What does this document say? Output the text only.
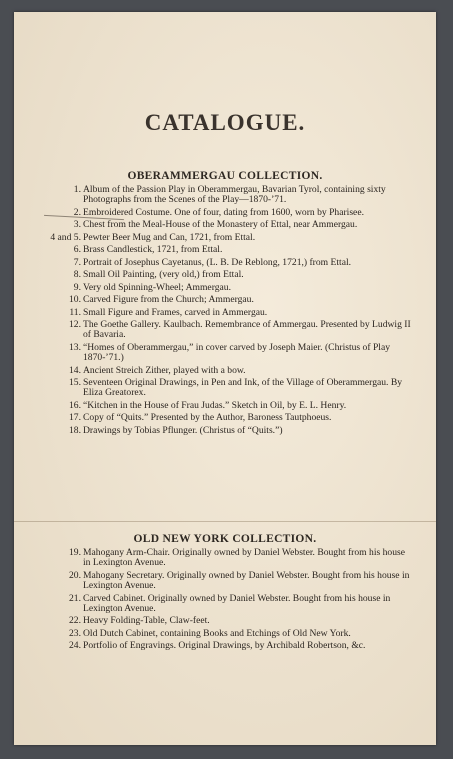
CATALOGUE.
OBERAMMERGAU COLLECTION.
1. Album of the Passion Play in Oberammergau, Bavarian Tyrol, containing sixty Photographs from the Scenes of the Play—1870-’71.
2. Embroidered Costume. One of four, dating from 1600, worn by Pharisee.
3. Chest from the Meal-House of the Monastery of Ettal, near Ammergau.
4 and 5. Pewter Beer Mug and Can, 1721, from Ettal.
6. Brass Candlestick, 1721, from Ettal.
7. Portrait of Josephus Cayetanus, (L. B. De Reblong, 1721,) from Ettal.
8. Small Oil Painting, (very old,) from Ettal.
9. Very old Spinning-Wheel; Ammergau.
10. Carved Figure from the Church; Ammergau.
11. Small Figure and Frames, carved in Ammergau.
12. The Goethe Gallery. Kaulbach. Remembrance of Ammergau. Presented by Ludwig II of Bavaria.
13. “Homes of Oberammergau,” in cover carved by Joseph Maier. (Christus of Play 1870-’71.)
14. Ancient Streich Zither, played with a bow.
15. Seventeen Original Drawings, in Pen and Ink, of the Village of Oberammergau. By Eliza Greatorex.
16. “Kitchen in the House of Frau Judas.” Sketch in Oil, by E. L. Henry.
17. Copy of “Quits.” Presented by the Author, Baroness Tautphoeus.
18. Drawings by Tobias Pflunger. (Christus of “Quits.”)
OLD NEW YORK COLLECTION.
19. Mahogany Arm-Chair. Originally owned by Daniel Webster. Bought from his house in Lexington Avenue.
20. Mahogany Secretary. Originally owned by Daniel Webster. Bought from his house in Lexington Avenue.
21. Carved Cabinet. Originally owned by Daniel Webster. Bought from his house in Lexington Avenue.
22. Heavy Folding-Table, Claw-feet.
23. Old Dutch Cabinet, containing Books and Etchings of Old New York.
24. Portfolio of Engravings. Original Drawings, by Archibald Robertson, &c.
